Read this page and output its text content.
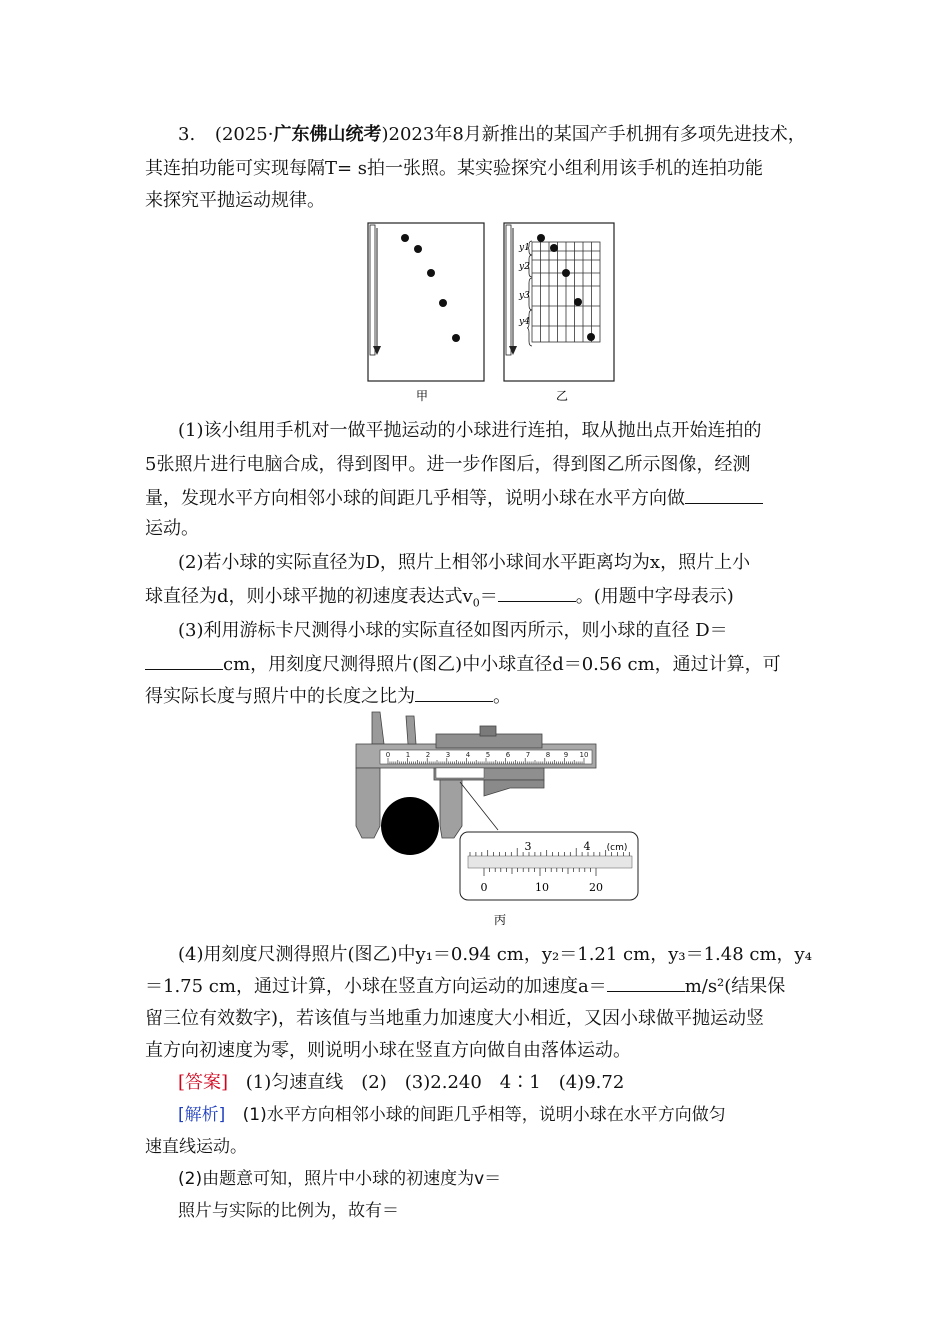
3. (2025·广东佛山统考)2023年8月新推出的某国产手机拥有多项先进技术，
其连拍功能可实现每隔T= s拍一张照。某实验探究小组利用该手机的连拍功能
来探究平抛运动规律。
甲
y1
y2
y3
y4
乙
(1)该小组用手机对一做平抛运动的小球进行连拍，取从抛出点开始连拍的
5张照片进行电脑合成，得到图甲。进一步作图后，得到图乙所示图像，经测
量，发现水平方向相邻小球的间距几乎相等，说明小球在水平方向做
运动。
(2)若小球的实际直径为D，照片上相邻小球间水平距离均为x，照片上小
球直径为d，则小球平抛的初速度表达式$v_0=$	。(用题中字母表示)
(3)利用游标卡尺测得小球的实际直径如图丙所示，则小球的直径 D＝
cm，用刻度尺测得照片(图乙)中小球直径d＝0.56 cm，通过计算，可
得实际长度与照片中的长度之比为	。
0 1 2 3 4 5 6 7 8 9 10
3	4 (cm)
0	10	20
丙
(4)用刻度尺测得照片(图乙)中y₁＝0.94 cm，y₂＝1.21 cm，y₃＝1.48 cm，y₄
＝1.75 cm，通过计算，小球在竖直方向运动的加速度a＝	m/s²(结果保
留三位有效数字)，若该值与当地重力加速度大小相近，又因小球做平抛运动竖
直方向初速度为零，则说明小球在竖直方向做自由落体运动。
[答案] (1)匀速直线　(2)　(3)2.240　4∶1　(4)9.72
[解析] (1)水平方向相邻小球的间距几乎相等，说明小球在水平方向做匀
速直线运动。
(2)由题意可知，照片中小球的初速度为v＝
照片与实际的比例为，故有＝
